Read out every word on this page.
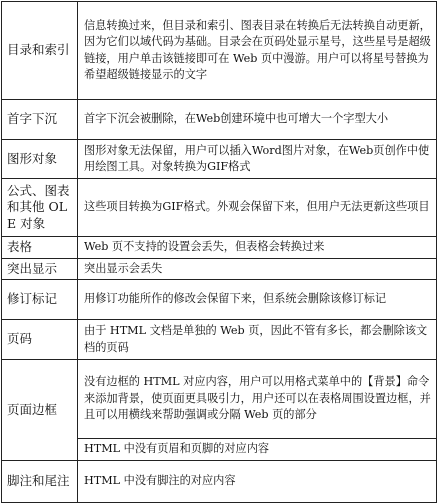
目录和索引	信息转换过来，但目录和索引、图表目录在转换后无法转换自动更新，因为它们以域代码为基础。目录会在页码处显示星号，这些星号是超级链接，用户单击该链接即可在 Web 页中漫游。用户可以将星号替换为希望超级链接显示的文字
首字下沉	首字下沉会被删除，在Web创建环境中也可增大一个字型大小
图形对象	图形对象无法保留，用户可以插入Word图片对象，在Web页创作中使用绘图工具。对象转换为GIF格式
公式、图表和其他 OLE 对象	这些项目转换为GIF格式。外观会保留下来，但用户无法更新这些项目
表格	Web 页不支持的设置会丢失，但表格会转换过来
突出显示	突出显示会丢失
修订标记	用修订功能所作的修改会保留下来，但系统会删除该修订标记
页码	由于 HTML 文档是单独的 Web 页，因此不管有多长，都会删除该文档的页码
页面边框	没有边框的 HTML 对应内容，用户可以用格式菜单中的【背景】命令来添加背景，使页面更具吸引力，用户还可以在表格周围设置边框，并且可以用横线来帮助强调或分隔 Web 页的部分
	HTML 中没有页眉和页脚的对应内容
脚注和尾注	HTML 中没有脚注的对应内容
